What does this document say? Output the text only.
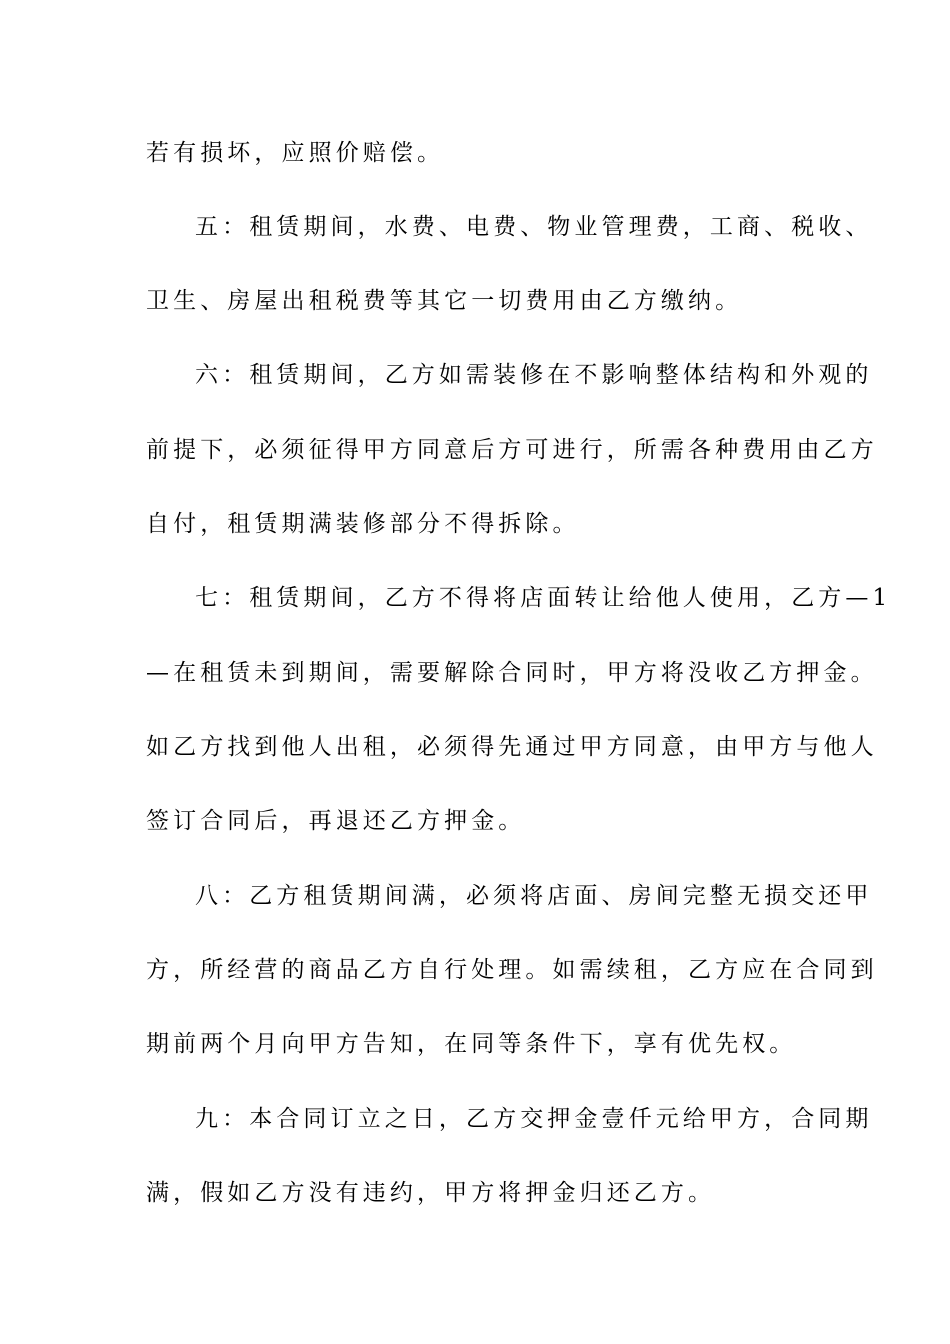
若有损坏，应照价赔偿。
五：租赁期间，水费、电费、物业管理费，工商、税收、
卫生、房屋出租税费等其它一切费用由乙方缴纳。
六：租赁期间，乙方如需装修在不影响整体结构和外观的
前提下，必须征得甲方同意后方可进行，所需各种费用由乙方
自付，租赁期满装修部分不得拆除。
七：租赁期间，乙方不得将店面转让给他人使用，乙方—1
—在租赁未到期间，需要解除合同时，甲方将没收乙方押金。
如乙方找到他人出租，必须得先通过甲方同意，由甲方与他人
签订合同后，再退还乙方押金。
八：乙方租赁期间满，必须将店面、房间完整无损交还甲
方，所经营的商品乙方自行处理。如需续租，乙方应在合同到
期前两个月向甲方告知，在同等条件下，享有优先权。
九：本合同订立之日，乙方交押金壹仟元给甲方，合同期
满，假如乙方没有违约，甲方将押金归还乙方。
